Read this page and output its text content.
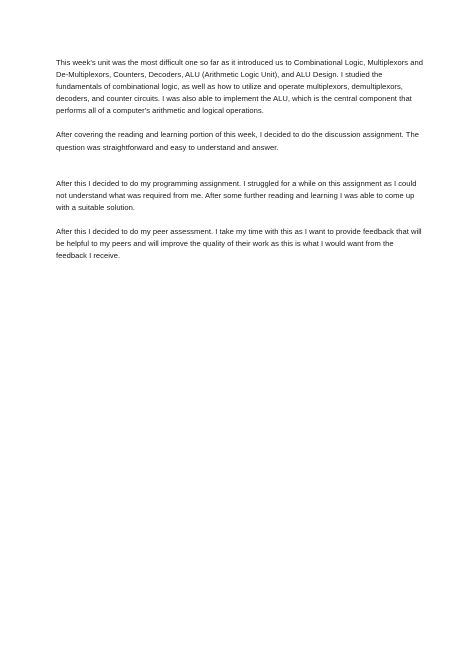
This week's unit was the most difficult one so far as it introduced us to Combinational Logic, Multiplexors and De-Multiplexors, Counters, Decoders, ALU (Arithmetic Logic Unit), and ALU Design. I studied the fundamentals of combinational logic, as well as how to utilize and operate multiplexors, demultiplexors, decoders, and counter circuits. I was also able to implement the ALU, which is the central component that performs all of a computer's arithmetic and logical operations.

After covering the reading and learning portion of this week, I decided to do the discussion assignment. The question was straightforward and easy to understand and answer.

After this I decided to do my programming assignment. I struggled for a while on this assignment as I could not understand what was required from me. After some further reading and learning I was able to come up with a suitable solution.

After this I decided to do my peer assessment. I take my time with this as I want to provide feedback that will be helpful to my peers and will improve the quality of their work as this is what I would want from the feedback I receive.
